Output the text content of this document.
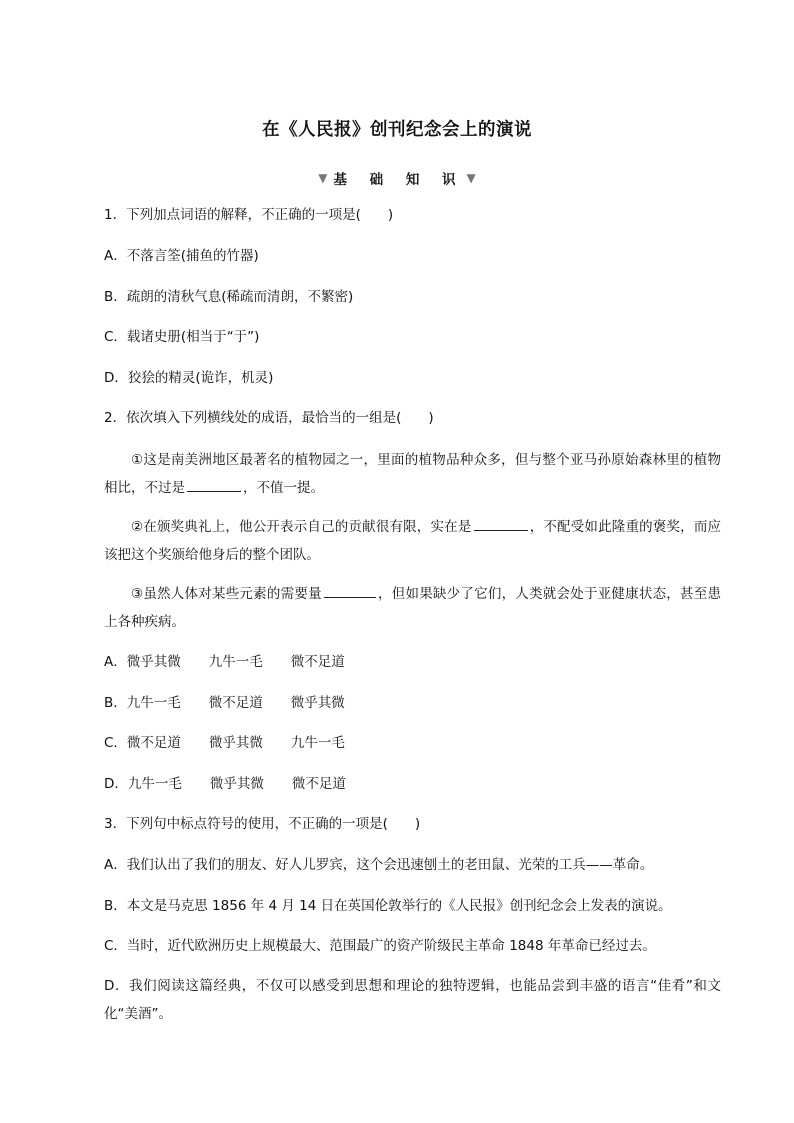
在《人民报》创刊纪念会上的演说
▼ 基 础 知 识 ▼
1．下列加点词语的解释，不正确的一项是(　　)
A．不落言筌(捕鱼的竹器)
B．疏朗的清秋气息(稀疏而清朗，不繁密)
C．载诸史册(相当于“于”)
D．狡狯的精灵(诡诈，机灵)
2．依次填入下列横线处的成语，最恰当的一组是(　　)
①这是南美洲地区最著名的植物园之一，里面的植物品种众多，但与整个亚马孙原始森林里的植物相比，不过是	，不值一提。
②在颁奖典礼上，他公开表示自己的贡献很有限，实在是	，不配受如此隆重的褒奖，而应该把这个奖颁给他身后的整个团队。
③虽然人体对某些元素的需要量	，但如果缺少了它们，人类就会处于亚健康状态，甚至患上各种疾病。
A．微乎其微 九牛一毛 微不足道
B．九牛一毛 微不足道 微乎其微
C．微不足道 微乎其微 九牛一毛
D．九牛一毛 微乎其微 微不足道
3．下列句中标点符号的使用，不正确的一项是(　　)
A．我们认出了我们的朋友、好人儿罗宾，这个会迅速刨土的老田鼠、光荣的工兵——革命。
B．本文是马克思 1856 年 4 月 14 日在英国伦敦举行的《人民报》创刊纪念会上发表的演说。
C．当时，近代欧洲历史上规模最大、范围最广的资产阶级民主革命 1848 年革命已经过去。
D．我们阅读这篇经典，不仅可以感受到思想和理论的独特逻辑，也能品尝到丰盛的语言“佳肴”和文化“美酒”。
